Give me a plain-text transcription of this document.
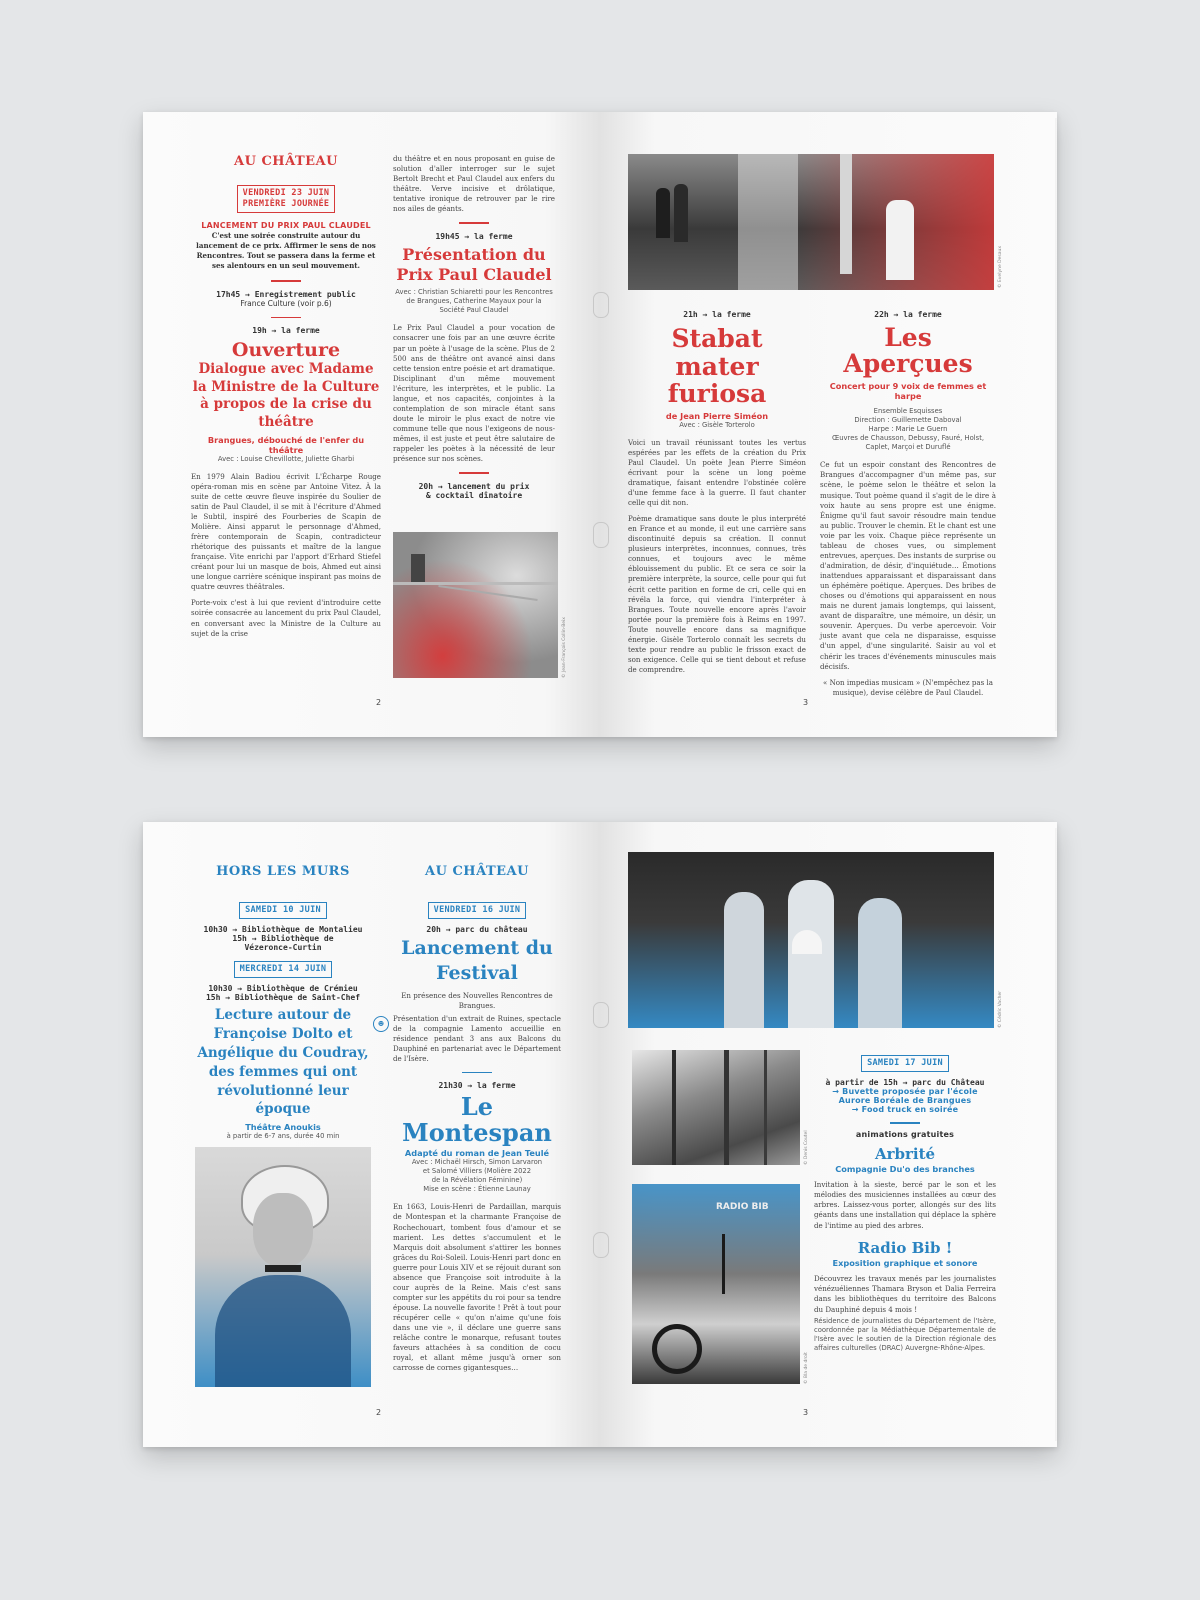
AU CHÂTEAU
VENDREDI 23 JUIN
PREMIÈRE JOURNÉE
LANCEMENT DU PRIX PAUL CLAUDEL
C'est une soirée construite autour du lancement de ce prix. Affirmer le sens de nos Rencontres. Tout se passera dans la ferme et ses alentours en un seul mouvement.
17h45 → Enregistrement public
France Culture (voir p.6)
19h → la ferme
Ouverture
Dialogue avec Madame la Ministre de la Culture à propos de la crise du théâtre
Brangues, débouché de l'enfer du théâtre
Avec : Louise Chevillotte, Juliette Gharbi

En 1979 Alain Badiou écrivit L'Écharpe Rouge opéra-roman mis en scène par Antoine Vitez. À la suite de cette œuvre fleuve inspirée du Soulier de satin de Paul Claudel, il se mit à l'écriture d'Ahmed le Subtil, inspiré des Fourberies de Scapin de Molière. Ainsi apparut le personnage d'Ahmed, frère contemporain de Scapin, contradicteur rhétorique des puissants et maître de la langue française. Vite enrichi par l'apport d'Erhard Stiefel créant pour lui un masque de bois, Ahmed eut ainsi une longue carrière scénique inspirant pas moins de quatre œuvres théâtrales.

Porte-voix c'est à lui que revient d'introduire cette soirée consacrée au lancement du prix Paul Claudel, en conversant avec la Ministre de la Culture au sujet de la crise

du théâtre et en nous proposant en guise de solution d'aller interroger sur le sujet Bertolt Brecht et Paul Claudel aux enfers du théâtre. Verve incisive et drôlatique, tentative ironique de retrouver par le rire nos ailes de géants.
19h45 → la ferme
Présentation du Prix Paul Claudel
Avec : Christian Schiaretti pour les Rencontres de Brangues, Catherine Mayaux pour la Société Paul Claudel
Le Prix Paul Claudel a pour vocation de consacrer une fois par an une œuvre écrite par un poète à l'usage de la scène. Plus de 2 500 ans de théâtre ont avancé ainsi dans cette tension entre poésie et art dramatique. Disciplinant d'un même mouvement l'écriture, les interprètes, et le public. La langue, et nos capacités, conjointes à la contemplation de son miracle étant sans doute le miroir le plus exact de notre vie commune telle que nous l'exigeons de nous-mêmes, il est juste et peut être salutaire de rappeler les poètes à la nécessité de leur présence sur nos scènes.
20h → lancement du prix
& cocktail dînatoire
© Jean-François Collin-Beix
2
© Evelyne Desaux
21h → la ferme
Stabat mater furiosa
de Jean Pierre Siméon
Avec : Gisèle Torterolo

Voici un travail réunissant toutes les vertus espérées par les effets de la création du Prix Paul Claudel. Un poète Jean Pierre Siméon écrivant pour la scène un long poème dramatique, faisant entendre l'obstinée colère d'une femme face à la guerre. Il faut chanter celle qui dit non.

Poème dramatique sans doute le plus interprété en France et au monde, il eut une carrière sans discontinuité depuis sa création. Il connut plusieurs interprètes, inconnues, connues, très connues, et toujours avec le même éblouissement du public. Et ce sera ce soir la première interprète, la source, celle pour qui fut écrit cette parition en forme de cri, celle qui en révéla la force, qui viendra l'interpréter à Brangues. Toute nouvelle encore après l'avoir portée pour la première fois à Reims en 1997. Toute nouvelle encore dans sa magnifique énergie. Gisèle Torterolo connaît les secrets du texte pour rendre au public le frisson exact de son exigence. Celle qui se tient debout et refuse de comprendre.

22h → la ferme
Les Aperçues
Concert pour 9 voix de femmes et harpe
Ensemble Esquisses
Direction : Guillemette Daboval
Harpe : Marie Le Guern
Œuvres de Chausson, Debussy, Fauré, Holst, Caplet, Marçoi et Duruflé

Ce fut un espoir constant des Rencontres de Brangues d'accompagner d'un même pas, sur scène, le poème selon le théâtre et selon la musique. Tout poème quand il s'agit de le dire à voix haute au sens propre est une énigme. Énigme qu'il faut savoir résoudre main tendue au public. Trouver le chemin. Et le chant est une voie par les voix. Chaque pièce représente un tableau de choses vues, ou simplement entrevues, aperçues. Des instants de surprise ou d'admiration, de désir, d'inquiétude… Émotions inattendues apparaissant et disparaissant dans un éphémère poétique. Aperçues. Des bribes de choses ou d'émotions qui apparaissent en nous mais ne durent jamais longtemps, qui laissent, avant de disparaître, une mémoire, un désir, un souvenir. Aperçues. Du verbe apercevoir. Voir juste avant que cela ne disparaisse, esquisse d'un appel, d'une singularité. Saisir au vol et chérir les traces d'événements minuscules mais décisifs.

« Non impedias musicam » (N'empêchez pas la musique), devise célèbre de Paul Claudel.

3
HORS LES MURS
SAMEDI 10 JUIN
10h30 → Bibliothèque de Montalieu
15h → Bibliothèque de
Vézeronce-Curtin
MERCREDI 14 JUIN
10h30 → Bibliothèque de Crémieu
15h → Bibliothèque de Saint-Chef
Lecture autour de Françoise Dolto et Angélique du Coudray, des femmes qui ont révolutionné leur époque
☻
Théâtre Anoukis
à partir de 6-7 ans, durée 40 min
AU CHÂTEAU
VENDREDI 16 JUIN
20h → parc du château
Lancement du Festival
En présence des Nouvelles Rencontres de Brangues.
Présentation d'un extrait de Ruines, spectacle de la compagnie Lamento accueillie en résidence pendant 3 ans aux Balcons du Dauphiné en partenariat avec le Département de l'Isère.
21h30 → la ferme
Le Montespan
Adapté du roman de Jean Teulé
Avec : Michaël Hirsch, Simon Larvaron
et Salomé Villiers (Molière 2022
de la Révélation Féminine)
Mise en scène : Étienne Launay
En 1663, Louis-Henri de Pardaillan, marquis de Montespan et la charmante Françoise de Rochechouart, tombent fous d'amour et se marient. Les dettes s'accumulent et le Marquis doit absolument s'attirer les bonnes grâces du Roi-Soleil. Louis-Henri part donc en guerre pour Louis XIV et se réjouit durant son absence que Françoise soit introduite à la cour auprès de la Reine. Mais c'est sans compter sur les appétits du roi pour sa tendre épouse. La nouvelle favorite ! Prêt à tout pour récupérer celle « qu'on n'aime qu'une fois dans une vie », il déclare une guerre sans relâche contre le monarque, refusant toutes faveurs attachées à sa condition de cocu royal, et allant même jusqu'à orner son carrosse de cornes gigantesques…
2
© Cédric Vacher
© Denis Coutel
RADIO BIB
© Bla de droit
SAMEDI 17 JUIN
à partir de 15h → parc du Château
→ Buvette proposée par l'école
Aurore Boréale de Brangues
→ Food truck en soirée
animations gratuites
Arbrité
Compagnie Du'o des branches
Invitation à la sieste, bercé par le son et les mélodies des musiciennes installées au cœur des arbres. Laissez-vous porter, allongés sur des lits géants dans une installation qui déplace la sphère de l'intime au pied des arbres.
Radio Bib !
Exposition graphique et sonore
Découvrez les travaux menés par les journalistes vénézuéliennes Thamara Bryson et Dalia Ferreira dans les bibliothèques du territoire des Balcons du Dauphiné depuis 4 mois !
Résidence de journalistes du Département de l'Isère, coordonnée par la Médiathèque Départementale de l'Isère avec le soutien de la Direction régionale des affaires culturelles (DRAC) Auvergne-Rhône-Alpes.
3
